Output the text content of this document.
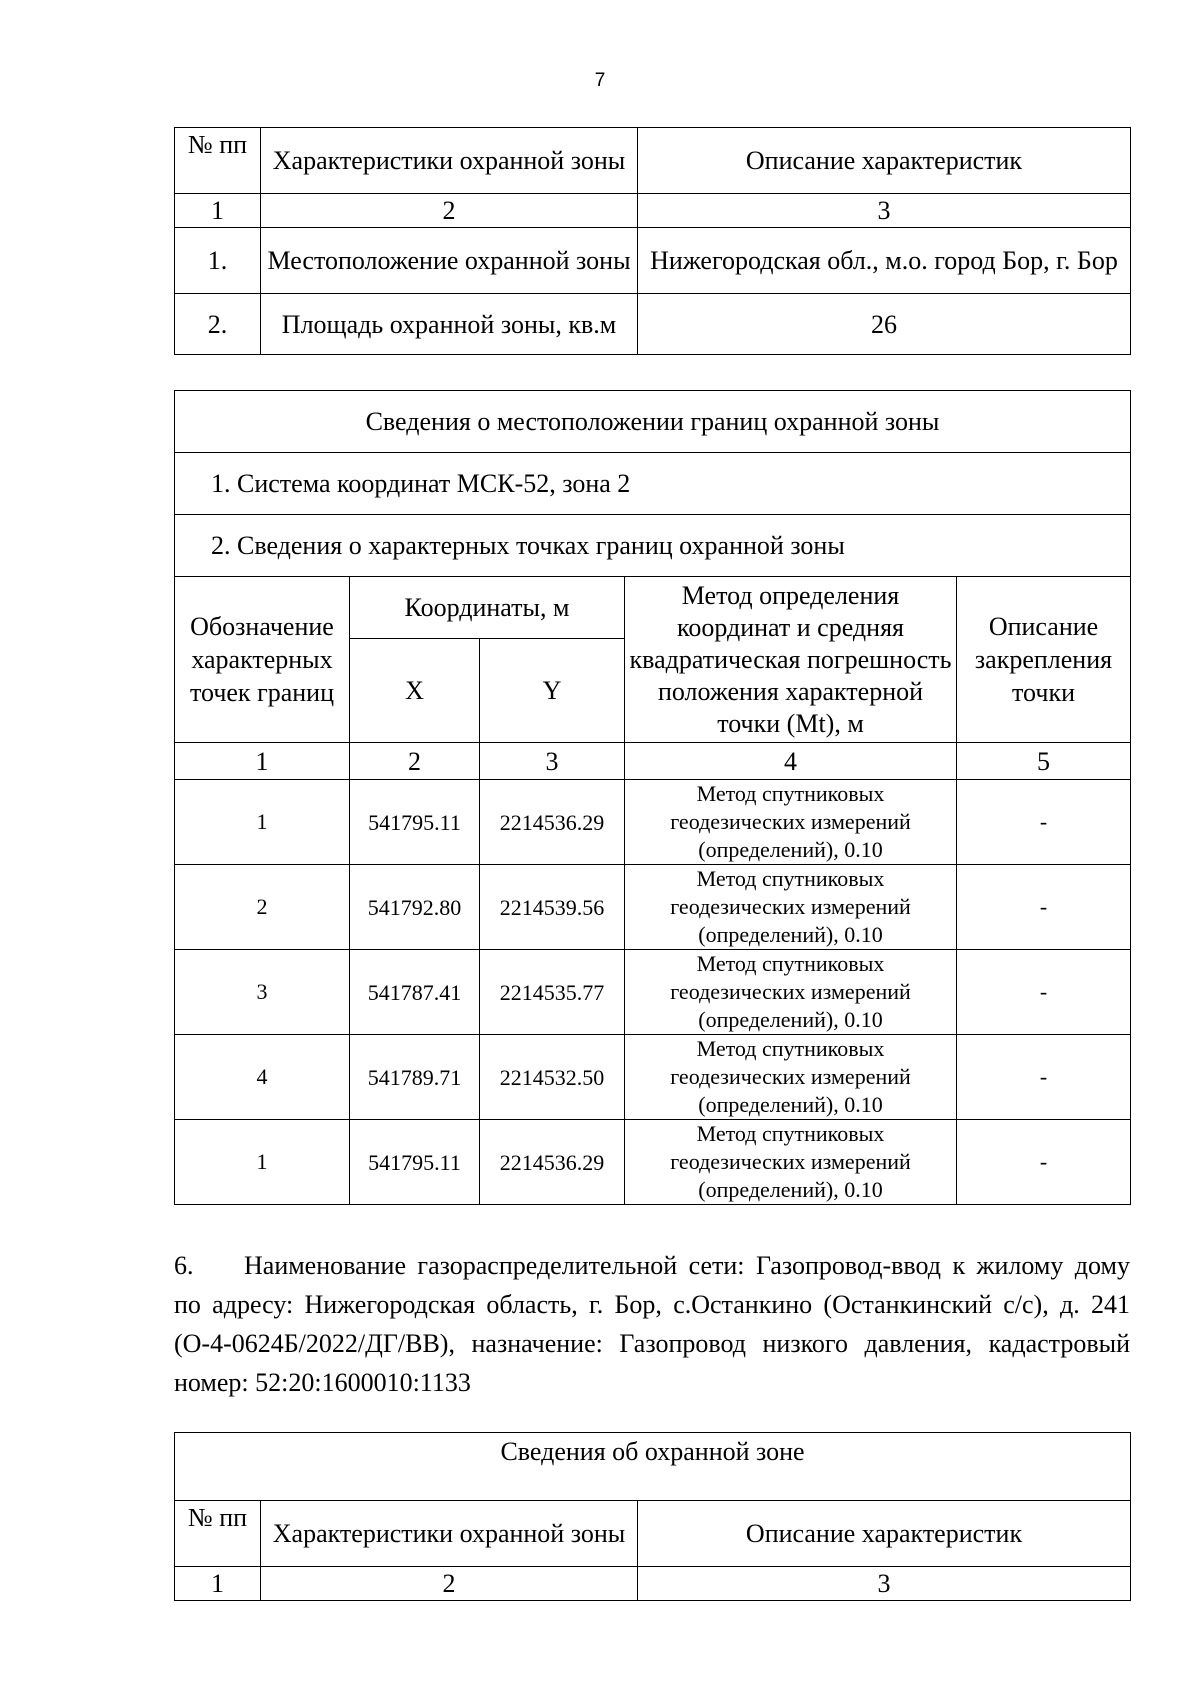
7
№ пп	Характеристики охранной зоны	Описание характеристик
1	2	3
1.	Местоположение охранной зоны	Нижегородская обл., м.о. город Бор, г. Бор
2.	Площадь охранной зоны, кв.м	26
Сведения о местоположении границ охранной зоны				
1. Система координат МСК-52, зона 2				
2. Сведения о характерных точках границ охранной зоны				
Обозначение характерных точек границ	Координаты, м		Метод определения координат и средняя квадратическая погрешность положения характерной точки (Mt), м	Описание закрепления точки
	X	Y		
1	2	3	4	5
1	541795.11	2214536.29	Метод спутниковых геодезических измерений (определений), 0.10	-
2	541792.80	2214539.56	Метод спутниковых геодезических измерений (определений), 0.10	-
3	541787.41	2214535.77	Метод спутниковых геодезических измерений (определений), 0.10	-
4	541789.71	2214532.50	Метод спутниковых геодезических измерений (определений), 0.10	-
1	541795.11	2214536.29	Метод спутниковых геодезических измерений (определений), 0.10	-
6. Наименование газораспределительной сети: Газопровод-ввод к жилому дому по адресу: Нижегородская область, г. Бор, с.Останкино (Останкинский с/с), д. 241 (О-4-0624Б/2022/ДГ/ВВ), назначение: Газопровод низкого давления, кадастровый номер: 52:20:1600010:1133
Сведения об охранной зоне		
№ пп	Характеристики охранной зоны	Описание характеристик
1	2	3
